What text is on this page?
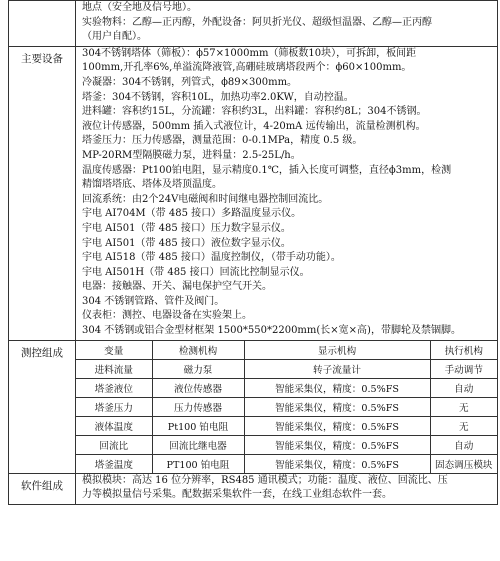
地点（安全地及信号地）。
实验物料：乙醇—正丙醇，外配设备：阿贝折光仪、超级恒温器、乙醇—正丙醇
（用户自配）。

主要设备	304不锈钢塔体（筛板）：ϕ57×1000mm（筛板数10块），可拆卸，板间距
100mm,开孔率6%,单溢流降液管,高硼硅玻璃塔段两个：ϕ60×100mm。
冷凝器：304不锈钢，列管式，ϕ89×300mm。
塔釜：304不锈钢，容积10L，加热功率2.0KW，自动控温。
进料罐：容积约15L，分流罐：容积约3L，出料罐：容积约8L；304不锈钢。
液位计传感器，500mm 插入式液位计，4-20mA 远传输出，流量检测机构。
塔釜压力：压力传感器，测量范围：0-0.1MPa，精度 0.5 级。
MP-20RM型隔膜磁力泵，进料量：2.5-25L/h。
温度传感器：Pt100铂电阻，显示精度0.1℃，插入长度可调整，直径ϕ3mm，检测
精馏塔塔底、塔体及塔顶温度。
回流系统：由2个24V电磁阀和时间继电器控制回流比。
宇电 AI704M（带 485 接口）多路温度显示仪。
宇电 AI501（带 485 接口）压力数字显示仪。
宇电 AI501（带 485 接口）液位数字显示仪。
宇电 AI518（带 485 接口）温度控制仪，（带手动功能）。
宇电 AI501H（带 485 接口）回流比控制显示仪。
电器：接触器、开关、漏电保护空气开关。
304 不锈钢管路、管件及阀门。
仪表柜：测控、电器设备在实验架上。
304 不锈钢或铝合金型材框架 1500*550*2200mm(长×宽×高)，带脚轮及禁锢脚。

测控组成		变量	检测机构	显示机构	执行机构
进料流量	磁力泵	转子流量计	手动调节
塔釜液位	液位传感器	智能采集仪，精度：0.5%FS	自动
塔釜压力	压力传感器	智能采集仪，精度：0.5%FS	无
液体温度	Pt100 铂电阻	智能采集仪，精度：0.5%FS	无
回流比	回流比继电器	智能采集仪，精度：0.5%FS	自动
塔釜温度	PT100 铂电阻	智能采集仪，精度：0.5%FS	固态调压模块

软件组成	模拟模块：高达 16 位分辨率，RS485 通讯模式；功能：温度、液位、回流比、压
力等模拟量信号采集。配数据采集软件一套，在线工业组态软件一套。
